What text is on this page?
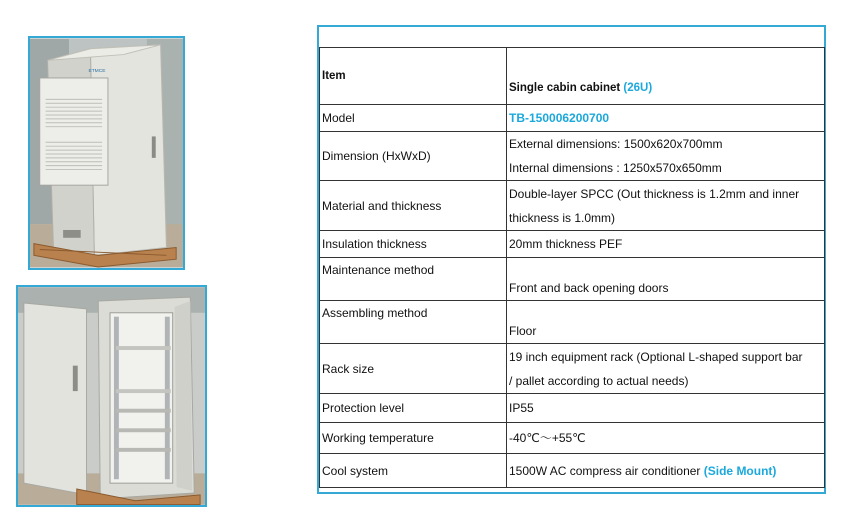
ETMCE	Item	Single cabin cabinet (26U)
Model	TB-150006200700
Dimension (HxWxD)	External dimensions: 1500x620x700mm
Internal dimensions : 1250x570x650mm

Material and thickness	Double-layer SPCC (Out thickness is 1.2mm and inner
thickness is 1.0mm)

Insulation thickness	20mm thickness PEF
Maintenance method	Front and back opening doors
Assembling method	Floor
Rack size	19 inch equipment rack (Optional L-shaped support bar
/ pallet according to actual needs)

Protection level	IP55
Working temperature	-40℃～+55℃
Cool system	1500W AC compress air conditioner (Side Mount)
